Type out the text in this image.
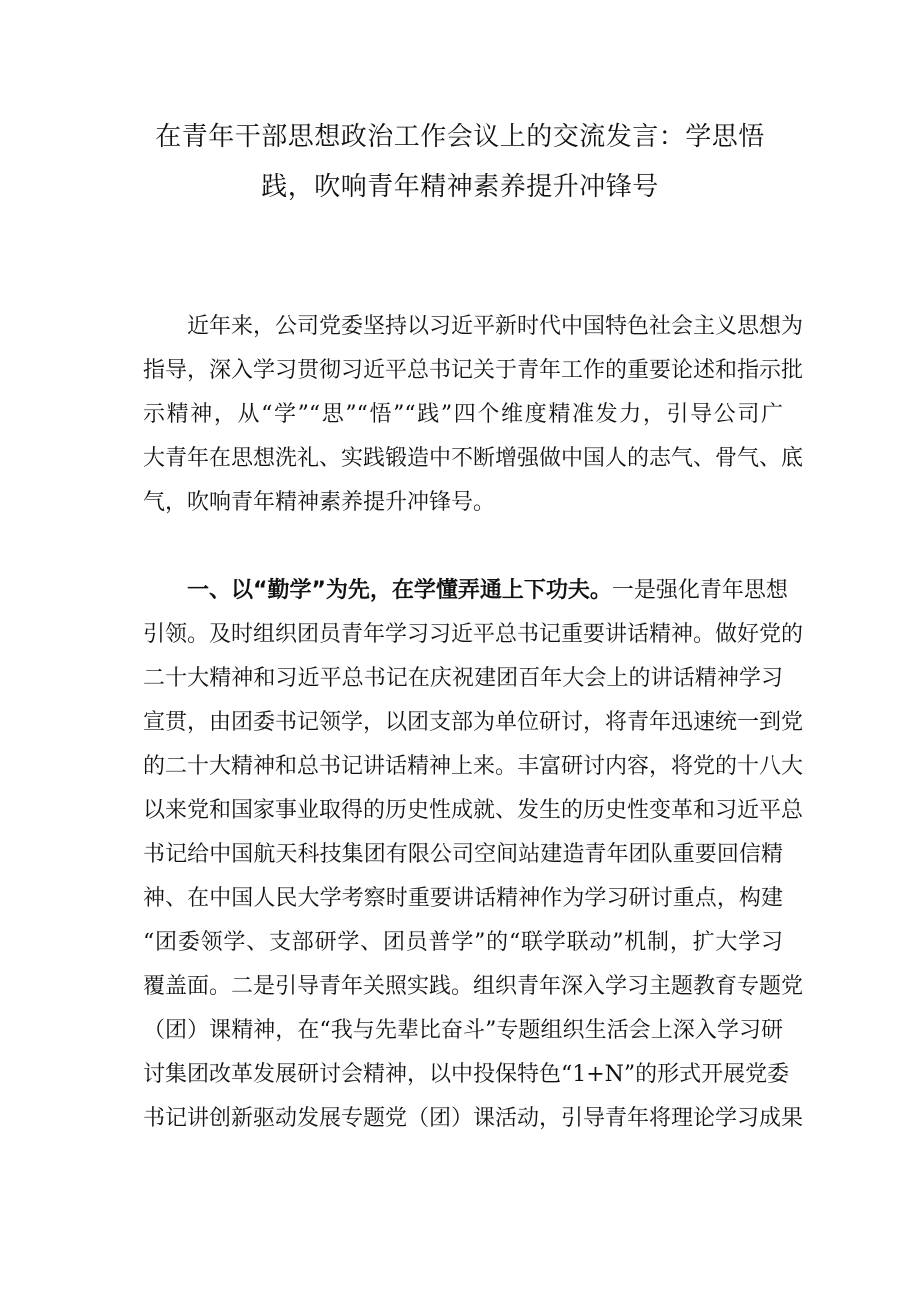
在青年干部思想政治工作会议上的交流发言：学思悟
践，吹响青年精神素养提升冲锋号
近年来，公司党委坚持以习近平新时代中国特色社会主义思想为
指导，深入学习贯彻习近平总书记关于青年工作的重要论述和指示批
示精神，从“学”“思”“悟”“践”四个维度精准发力，引导公司广
大青年在思想洗礼、实践锻造中不断增强做中国人的志气、骨气、底
气，吹响青年精神素养提升冲锋号。
一、以“勤学”为先，在学懂弄通上下功夫。一是强化青年思想
引领。及时组织团员青年学习习近平总书记重要讲话精神。做好党的
二十大精神和习近平总书记在庆祝建团百年大会上的讲话精神学习
宣贯，由团委书记领学，以团支部为单位研讨，将青年迅速统一到党
的二十大精神和总书记讲话精神上来。丰富研讨内容，将党的十八大
以来党和国家事业取得的历史性成就、发生的历史性变革和习近平总
书记给中国航天科技集团有限公司空间站建造青年团队重要回信精
神、在中国人民大学考察时重要讲话精神作为学习研讨重点，构建
“团委领学、支部研学、团员普学”的“联学联动”机制，扩大学习
覆盖面。二是引导青年关照实践。组织青年深入学习主题教育专题党
（团）课精神，在“我与先辈比奋斗”专题组织生活会上深入学习研
讨集团改革发展研讨会精神，以中投保特色“1+N”的形式开展党委
书记讲创新驱动发展专题党（团）课活动，引导青年将理论学习成果
